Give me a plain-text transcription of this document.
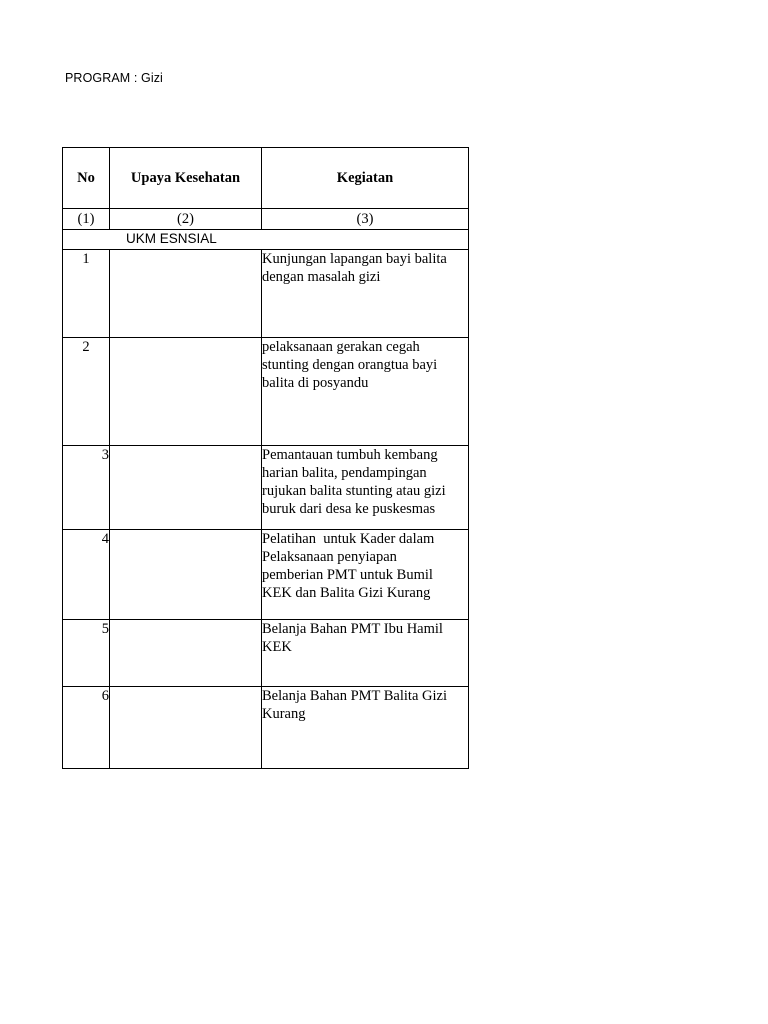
PROGRAM : Gizi
No	Upaya Kesehatan	Kegiatan
(1)	(2)	(3)
UKM ESNSIAL		
1		Kunjungan lapangan bayi balita
dengan masalah gizi

2		pelaksanaan gerakan cegah
stunting dengan orangtua bayi
balita di posyandu

3		Pemantauan tumbuh kembang
harian balita, pendampingan
rujukan balita stunting atau gizi
buruk dari desa ke puskesmas

4		Pelatihan  untuk Kader dalam
Pelaksanaan penyiapan
pemberian PMT untuk Bumil
KEK dan Balita Gizi Kurang

5		Belanja Bahan PMT Ibu Hamil
KEK

6		Belanja Bahan PMT Balita Gizi
Kurang
